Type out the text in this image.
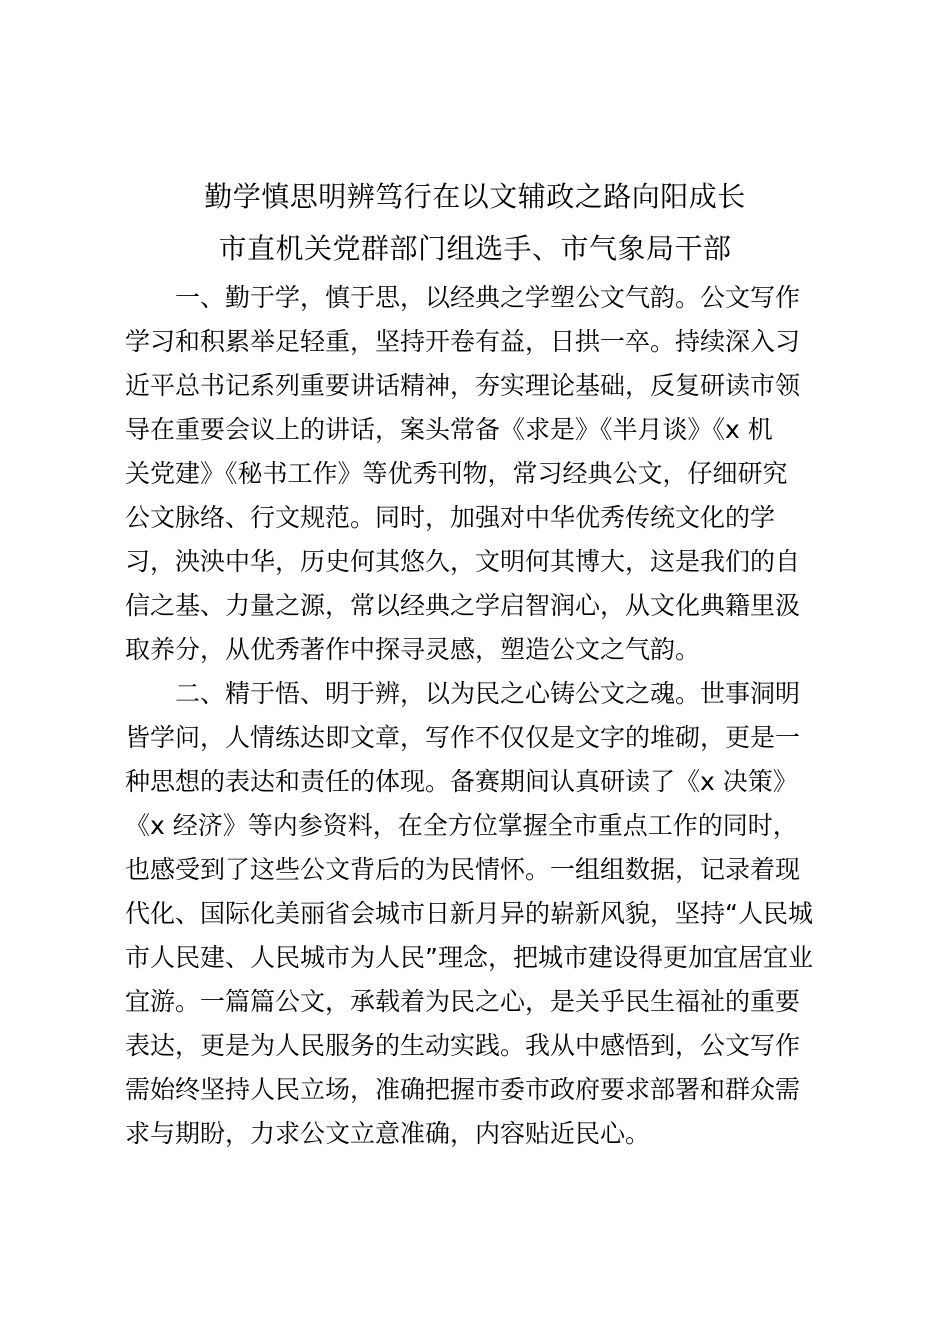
勤学慎思明辨笃行在以文辅政之路向阳成长
市直机关党群部门组选手、市气象局干部
　　一、勤于学，慎于思，以经典之学塑公文气韵。公文写作
学习和积累举足轻重，坚持开卷有益，日拱一卒。持续深入习
近平总书记系列重要讲话精神，夯实理论基础，反复研读市领
导在重要会议上的讲话，案头常备《求是》《半月谈》《x 机
关党建》《秘书工作》等优秀刊物，常习经典公文，仔细研究
公文脉络、行文规范。同时，加强对中华优秀传统文化的学
习，泱泱中华，历史何其悠久，文明何其博大，这是我们的自
信之基、力量之源，常以经典之学启智润心，从文化典籍里汲
取养分，从优秀著作中探寻灵感，塑造公文之气韵。
　　二、精于悟、明于辨，以为民之心铸公文之魂。世事洞明
皆学问，人情练达即文章，写作不仅仅是文字的堆砌，更是一
种思想的表达和责任的体现。备赛期间认真研读了《x 决策》
《x 经济》等内参资料，在全方位掌握全市重点工作的同时，
也感受到了这些公文背后的为民情怀。一组组数据，记录着现
代化、国际化美丽省会城市日新月异的崭新风貌，坚持“人民城
市人民建、人民城市为人民”理念，把城市建设得更加宜居宜业
宜游。一篇篇公文，承载着为民之心，是关乎民生福祉的重要
表达，更是为人民服务的生动实践。我从中感悟到，公文写作
需始终坚持人民立场，准确把握市委市政府要求部署和群众需
求与期盼，力求公文立意准确，内容贴近民心。
